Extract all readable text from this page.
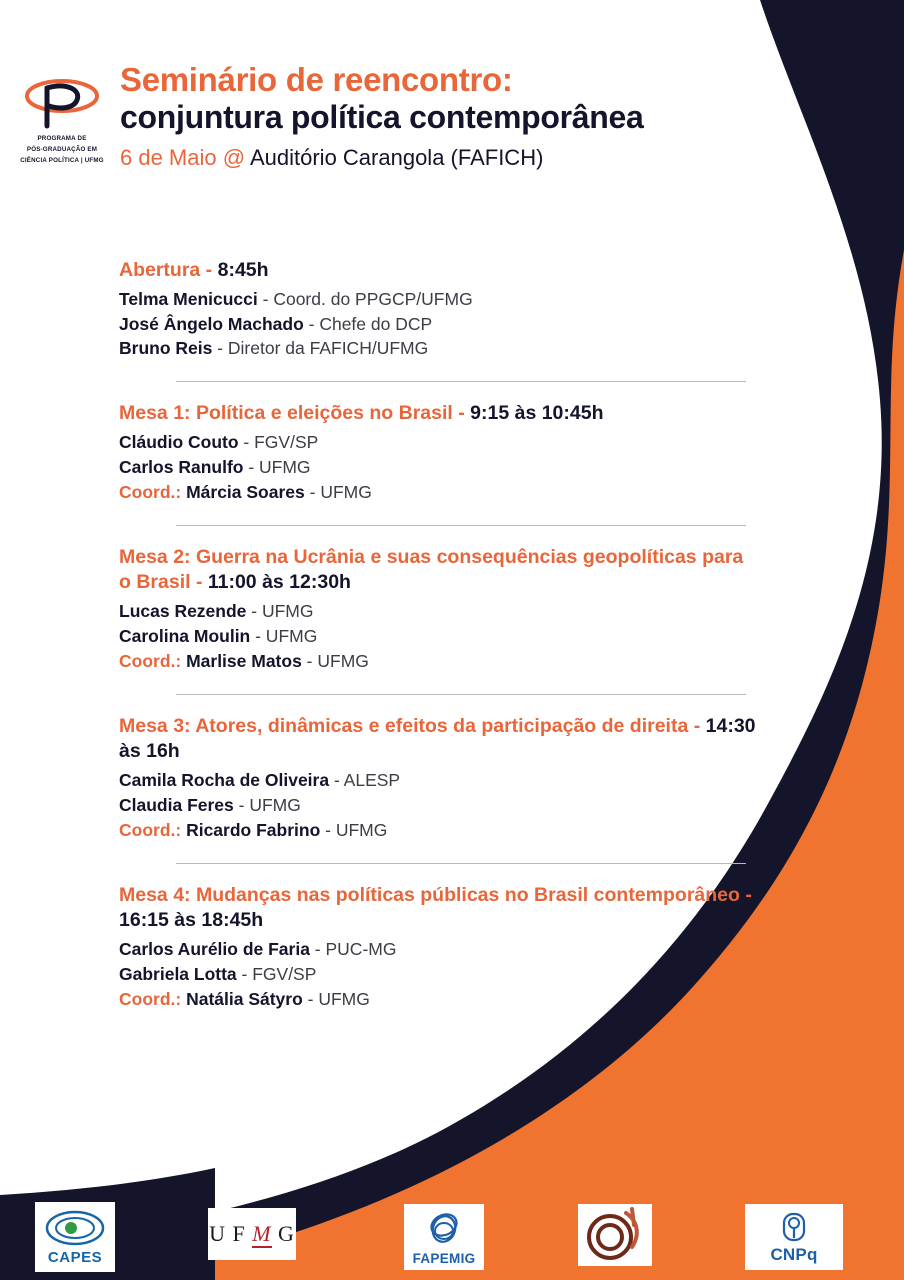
PROGRAMA DE
PÓS-GRADUAÇÃO EM
CIÊNCIA POLÍTICA | UFMG
Seminário de reencontro:
conjuntura política contemporânea
6 de Maio @ Auditório Carangola (FAFICH)
Abertura - 8:45h
Telma Menicucci - Coord. do PPGCP/UFMG
José Ângelo Machado - Chefe do DCP
Bruno Reis - Diretor da FAFICH/UFMG
Mesa 1: Política e eleições no Brasil - 9:15 às 10:45h
Cláudio Couto - FGV/SP
Carlos Ranulfo - UFMG
Coord.: Márcia Soares - UFMG
Mesa 2: Guerra na Ucrânia e suas consequências geopolíticas para o Brasil - 11:00 às 12:30h
Lucas Rezende - UFMG
Carolina Moulin - UFMG
Coord.: Marlise Matos - UFMG
Mesa 3: Atores, dinâmicas e efeitos da participação de direita - 14:30 às 16h
Camila Rocha de Oliveira - ALESP
Claudia Feres - UFMG
Coord.: Ricardo Fabrino - UFMG
Mesa 4: Mudanças nas políticas públicas no Brasil contemporâneo - 16:15 às 18:45h
Carlos Aurélio de Faria - PUC-MG
Gabriela Lotta - FGV/SP
Coord.: Natália Sátyro - UFMG
CAPES
U F M G
FAPEMIG	CNPq
